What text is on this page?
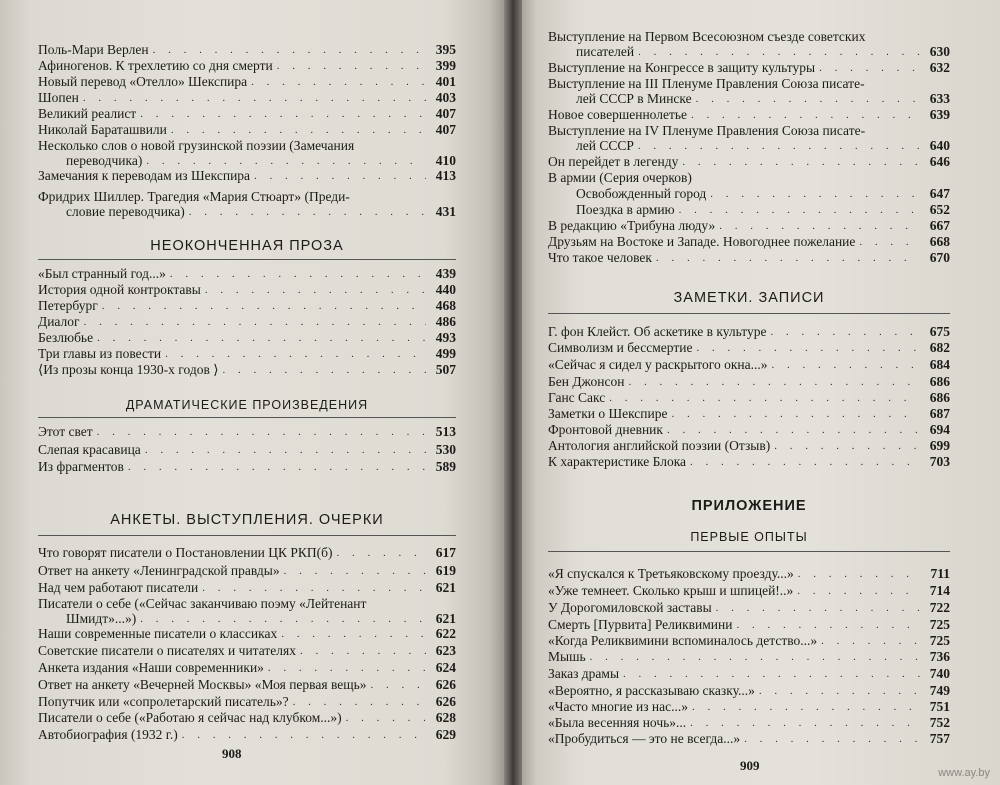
Поль-Мари Верлен . . .	395
Афиногенов. К трехлетию со дня смерти . . .	399
Новый перевод «Отелло» Шекспира . . .	401
Шопен . . .	403
Великий реалист . . .	407
Николай Бараташвили . . .	407
Несколько слов о новой грузинской поэзии (Замечания
переводчика) . . .	410
Замечания к переводам из Шекспира . . .	413
Фридрих Шиллер. Трагедия «Мария Стюарт» (Преди-
словие переводчика) . . .	431
НЕОКОНЧЕННАЯ ПРОЗА
«Был странный год...» . . .	439
История одной контроктавы . . .	440
Петербург . . .	468
Диалог . . .	486
Безлюбье . . .	493
Три главы из повести . . .	499
⟨Из прозы конца 1930-х годов ⟩ . . .	507
ДРАМАТИЧЕСКИЕ ПРОИЗВЕДЕНИЯ
Этот свет . . .	513
Слепая красавица . . .	530
Из фрагментов . . .	589
АНКЕТЫ. ВЫСТУПЛЕНИЯ. ОЧЕРКИ
Что говорят писатели о Постановлении ЦК РКП(б) . . .	617
Ответ на анкету «Ленинградской правды» . . .	619
Над чем работают писатели . . .	621
Писатели о себе («Сейчас заканчиваю поэму «Лейтенант
Шмидт»...») . . .	621
Наши современные писатели о классиках . . .	622
Советские писатели о писателях и читателях . . .	623
Анкета издания «Наши современники» . . .	624
Ответ на анкету «Вечерней Москвы» «Моя первая вещь» . . .	626
Попутчик или «сопролетарский писатель»? . . .	626
Писатели о себе («Работаю я сейчас над клубком...») . . .	628
Автобиография (1932 г.) . . .	629
908
Выступление на Первом Всесоюзном съезде советских
писателей . . .	630
Выступление на Конгрессе в защиту культуры . . .	632
Выступление на III Пленуме Правления Союза писате-
лей СССР в Минске . . .	633
Новое совершеннолетье . . .	639
Выступление на IV Пленуме Правления Союза писате-
лей СССР . . .	640
Он перейдет в легенду . . .	646
В армии (Серия очерков)
Освобожденный город . . .	647
Поездка в армию . . .	652
В редакцию «Трибуна люду» . . .	667
Друзьям на Востоке и Западе. Новогоднее пожелание . . .	668
Что такое человек . . .	670
ЗАМЕТКИ. ЗАПИСИ
Г. фон Клейст. Об аскетике в культуре . . .	675
Символизм и бессмертие . . .	682
«Сейчас я сидел у раскрытого окна...» . . .	684
Бен Джонсон . . .	686
Ганс Сакс . . .	686
Заметки о Шекспире . . .	687
Фронтовой дневник . . .	694
Антология английской поэзии (Отзыв) . . .	699
К характеристике Блока . . .	703
ПРИЛОЖЕНИЕ
ПЕРВЫЕ ОПЫТЫ
«Я спускался к Третьяковскому проезду...» . . .	711
«Уже темнеет. Сколько крыш и шпицей!..» . . .	714
У Дорогомиловской заставы . . .	722
Смерть [Пурвита] Реликвимини . . .	725
«Когда Реликвимини вспоминалось детство...» . . .	725
Мышь . . .	736
Заказ драмы . . .	740
«Вероятно, я рассказываю сказку...» . . .	749
«Часто многие из нас...» . . .	751
«Была весенняя ночь»... . . .	752
«Пробудиться — это не всегда...» . . .	757
909	www.ay.by
